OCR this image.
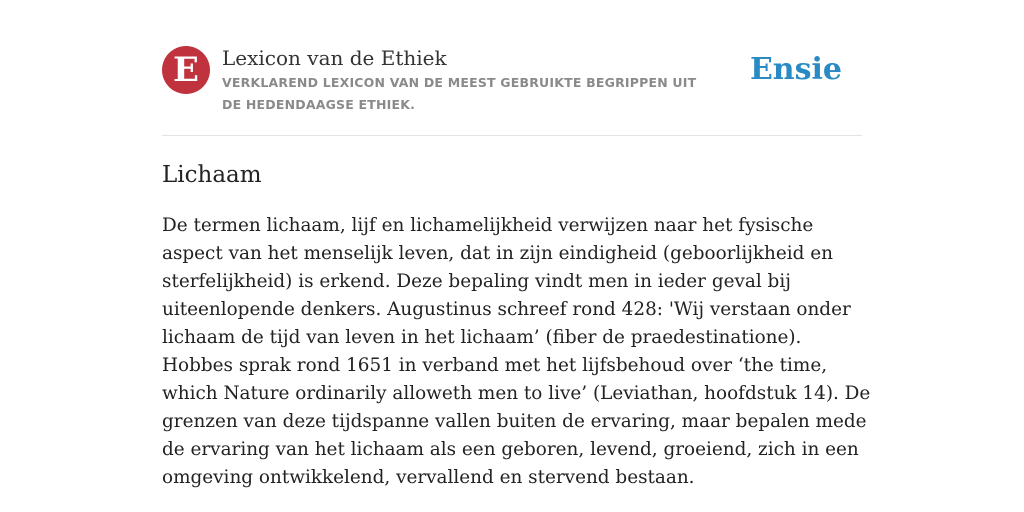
E	Lexicon van de Ethiek
VERKLAREND LEXICON VAN DE MEEST GEBRUIKTE BEGRIPPEN UIT DE HEDENDAAGSE ETHIEK.
Ensie
Lichaam

De termen lichaam, lijf en lichamelijkheid verwijzen naar het fysische aspect van het menselijk leven, dat in zijn eindigheid (geboorlijkheid en sterfelijkheid) is erkend. Deze bepaling vindt men in ieder geval bij uiteenlopende denkers. Augustinus schreef rond 428: 'Wij verstaan onder lichaam de tijd van leven in het lichaam’ (fiber de praedestinatione). Hobbes sprak rond 1651 in verband met het lijfsbehoud over ‘the time, which Nature ordinarily alloweth men to live’ (Leviathan, hoofdstuk 14). De grenzen van deze tijdspanne vallen buiten de ervaring, maar bepalen mede de ervaring van het lichaam als een geboren, levend, groeiend, zich in een omgeving ontwikkelend, vervallend en stervend bestaan.
